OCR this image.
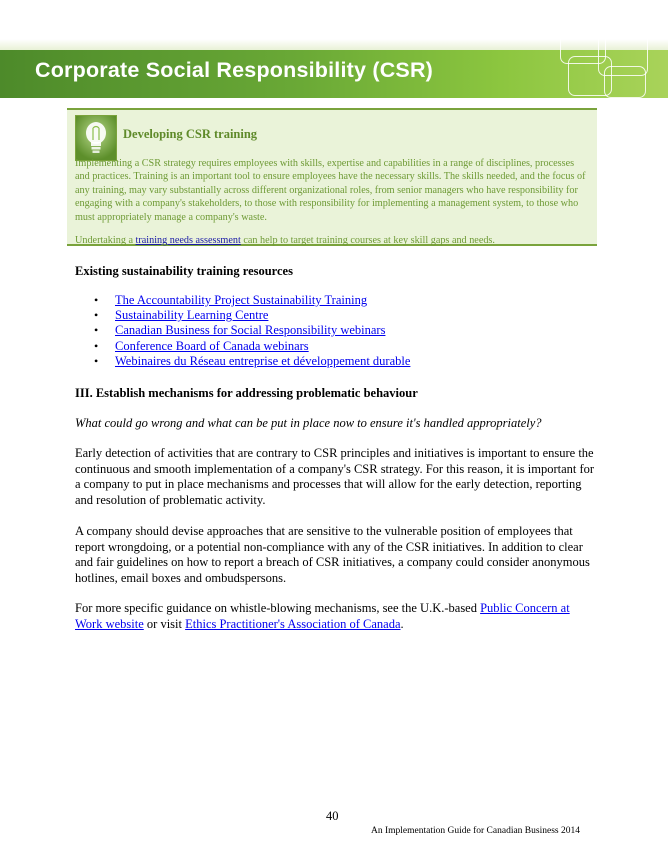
Corporate Social Responsibility (CSR)
Developing CSR training

Implementing a CSR strategy requires employees with skills, expertise and capabilities in a range of disciplines, processes and practices. Training is an important tool to ensure employees have the necessary skills. The skills needed, and the focus of any training, may vary substantially across different organizational roles, from senior managers who have responsibility for engaging with a company's stakeholders, to those with responsibility for implementing a management system, to those who must appropriately manage a company's waste.

Undertaking a training needs assessment can help to target training courses at key skill gaps and needs.

Existing sustainability training resources
• The Accountability Project Sustainability Training
• Sustainability Learning Centre
• Canadian Business for Social Responsibility webinars
• Conference Board of Canada webinars
• Webinaires du Réseau entreprise et développement durable
III. Establish mechanisms for addressing problematic behaviour
What could go wrong and what can be put in place now to ensure it's handled appropriately?

Early detection of activities that are contrary to CSR principles and initiatives is important to ensure the continuous and smooth implementation of a company's CSR strategy. For this reason, it is important for a company to put in place mechanisms and processes that will allow for the early detection, reporting and resolution of problematic activity.

A company should devise approaches that are sensitive to the vulnerable position of employees that report wrongdoing, or a potential non-compliance with any of the CSR initiatives. In addition to clear and fair guidelines on how to report a breach of CSR initiatives, a company could consider anonymous hotlines, email boxes and ombudspersons.

For more specific guidance on whistle-blowing mechanisms, see the U.K.-based Public Concern at Work website or visit Ethics Practitioner's Association of Canada.

40
An Implementation Guide for Canadian Business 2014
